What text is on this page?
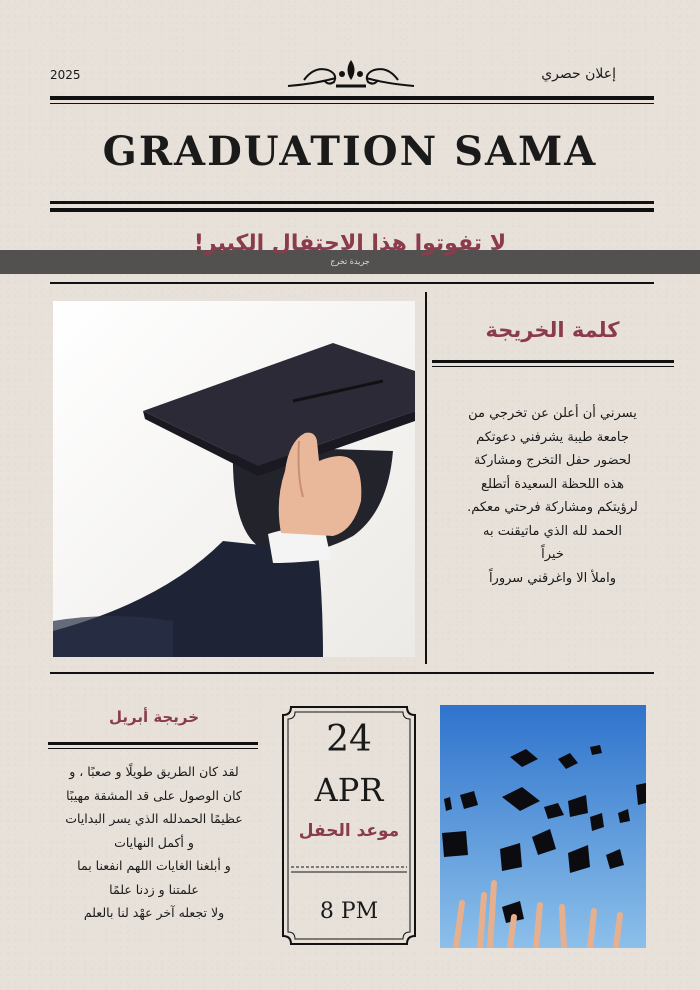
2025	إعلان حصري
GRADUATION SAMA
لا تفوتوا هذا الاحتفال الكبير!
جريدة تخرج
كلمة الخريجة
يسرني أن أعلن عن تخرجي من
جامعة طيبة يشرفني دعوتكم
لحضور حفل التخرج ومشاركة
هذه اللحظة السعيدة أتطلع
لرؤيتكم ومشاركة فرحتي معكم.
الحمد لله الذي ماتيقنت به
خيراً
واملأ الا واغرقني سروراً
خريجة أبريل
لقد كان الطريق طويلًا و صعبًا ، و
كان الوصول على قد المشقة مهيبًا
عظيمًا الحمدلله الذي يسر البدايات
و أكمل النهايات
و أبلغنا الغايات اللهم انفعنا بما
علمتنا و زدنا علمًا
ولا تجعله آخر عهْد لنا بالعلم
24
APR
موعد الحفل
8 PM
